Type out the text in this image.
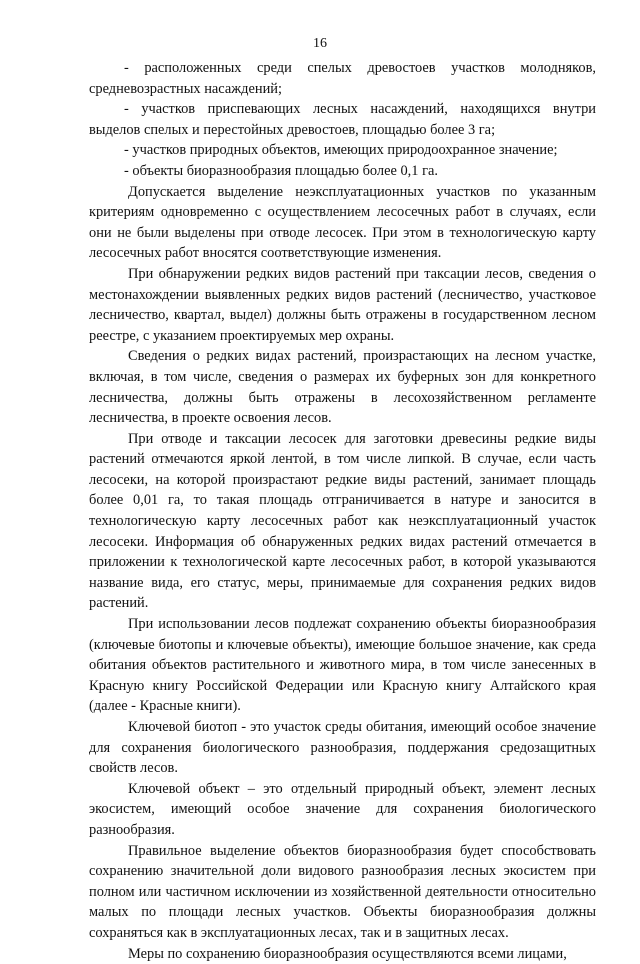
16

- расположенных среди спелых древостоев участков молодняков, средневозрастных насаждений;

- участков приспевающих лесных насаждений, находящихся внутри выделов спелых и перестойных древостоев, площадью более 3 га;

- участков природных объектов, имеющих природоохранное значение;

- объекты биоразнообразия площадью более 0,1 га.

Допускается выделение неэксплуатационных участков по указанным критериям одновременно с осуществлением лесосечных работ в случаях, если они не были выделены при отводе лесосек. При этом в технологическую карту лесосечных работ вносятся соответствующие изменения.

При обнаружении редких видов растений при таксации лесов, сведения о местонахождении выявленных редких видов растений (лесничество, участковое лесничество, квартал, выдел) должны быть отражены в государственном лесном реестре, с указанием проектируемых мер охраны.

Сведения о редких видах растений, произрастающих на лесном участке, включая, в том числе, сведения о размерах их буферных зон для конкретного лесничества, должны быть отражены в лесохозяйственном регламенте лесничества, в проекте освоения лесов.

При отводе и таксации лесосек для заготовки древесины редкие виды растений отмечаются яркой лентой, в том числе липкой. В случае, если часть лесосеки, на которой произрастают редкие виды растений, занимает площадь более 0,01 га, то такая площадь отграничивается в натуре и заносится в технологическую карту лесосечных работ как неэксплуатационный участок лесосеки. Информация об обнаруженных редких видах растений отмечается в приложении к технологической карте лесосечных работ, в которой указываются название вида, его статус, меры, принимаемые для сохранения редких видов растений.

При использовании лесов подлежат сохранению объекты биоразнообразия (ключевые биотопы и ключевые объекты), имеющие большое значение, как среда обитания объектов растительного и животного мира, в том числе занесенных в Красную книгу Российской Федерации или Красную книгу Алтайского края (далее - Красные книги).

Ключевой биотоп - это участок среды обитания, имеющий особое значение для сохранения биологического разнообразия, поддержания средозащитных свойств лесов.

Ключевой объект – это отдельный природный объект, элемент лесных экосистем, имеющий особое значение для сохранения биологического разнообразия.

Правильное выделение объектов биоразнообразия будет способствовать сохранению значительной доли видового разнообразия лесных экосистем при полном или частичном исключении из хозяйственной деятельности относительно малых по площади лесных участков. Объекты биоразнообразия должны сохраняться как в эксплуатационных лесах, так и в защитных лесах.

Меры по сохранению биоразнообразия осуществляются всеми лицами,
